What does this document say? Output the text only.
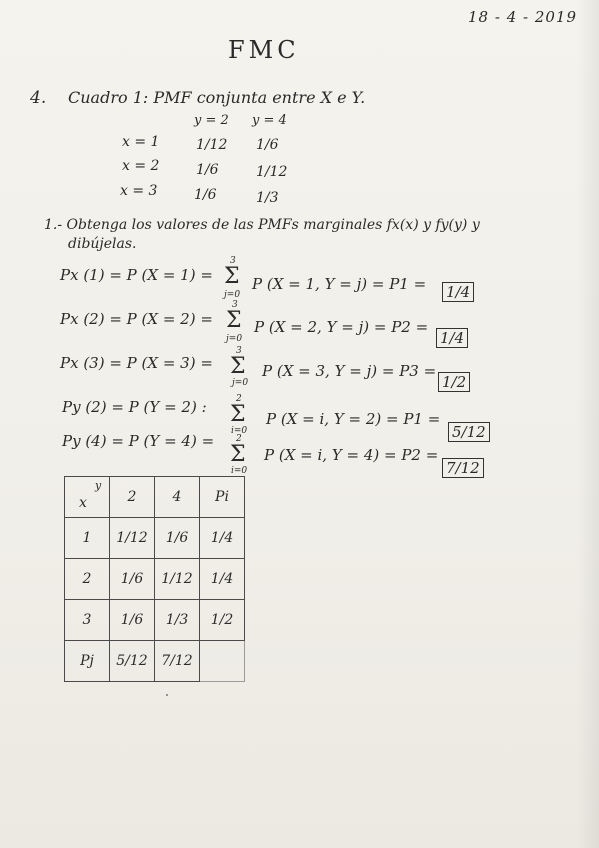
18 - 4 - 2019
FMC
4. Cuadro 1: PMF conjunta entre X e Y.
y = 2 y = 4
x = 1	1/12 1/6
x = 2	1/6	1/12
x = 3	1/6	1/3
1.- Obtenga los valores de las PMFs marginales fx(x) y fy(y) y
dibújelas.
Px (1) = P (X = 1) = Σ
3
j=0
P (X = 1, Y = j) = P1 = 1/4
Px (2) = P (X = 2) = Σ
3
j=0
P (X = 2, Y = j) = P2 =
1/4
Px (3) = P (X = 3) = Σ
3
j=0
P (X = 3, Y = j) = P3 =
1/2
Py (2) = P (Y = 2) : Σ
2
i=0
P (X = i, Y = 2) = P1 =
5/12
Py (4) = P (Y = 4) =
Σ
2
i=0
P (X = i, Y = 4) = P2 =
7/12
x
y	2	4	Pi
1	1/12	1/6	1/4
2	1/6	1/12	1/4
3	1/6	1/3	1/2
Pj	5/12	7/12	
